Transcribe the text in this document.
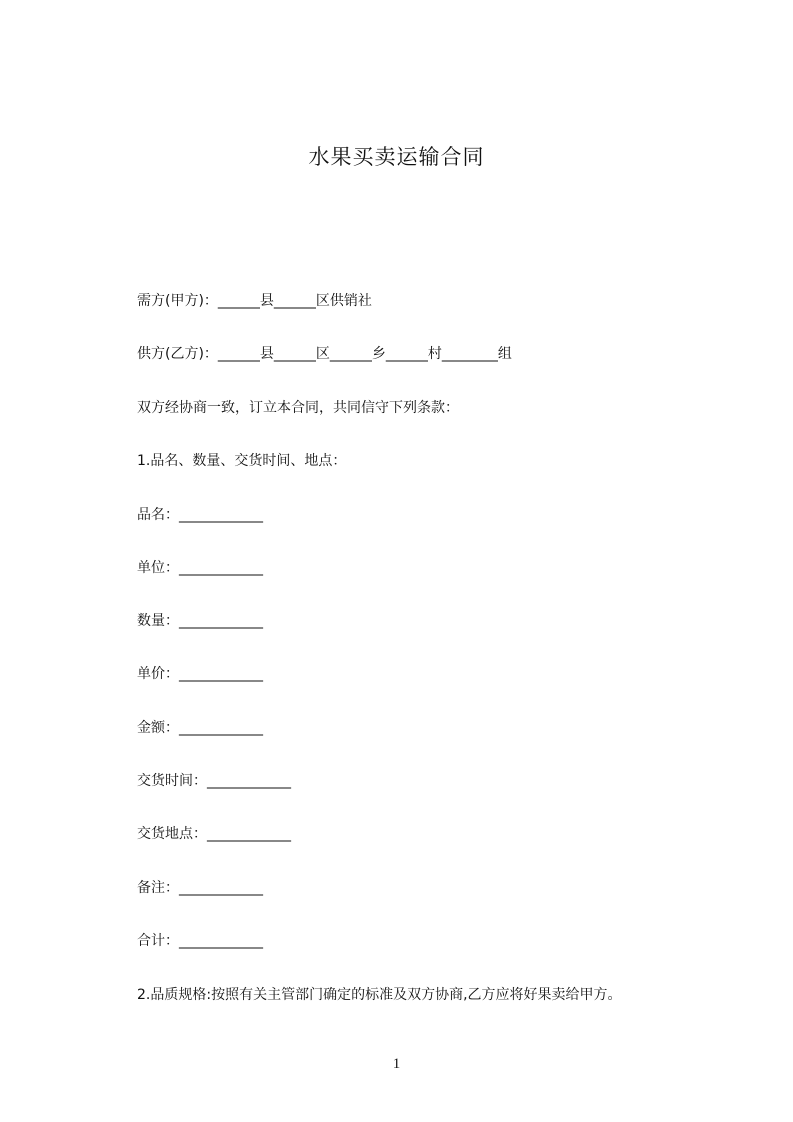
水果买卖运输合同
需方(甲方)：______县______区供销社
供方(乙方)：______县______区______乡______村________组
双方经协商一致，订立本合同，共同信守下列条款：
1.品名、数量、交货时间、地点：
品名：____________
单位：____________
数量：____________
单价：____________
金额：____________
交货时间：____________
交货地点：____________
备注：____________
合计：____________
2.品质规格:按照有关主管部门确定的标准及双方协商,乙方应将好果卖给甲方。
1
